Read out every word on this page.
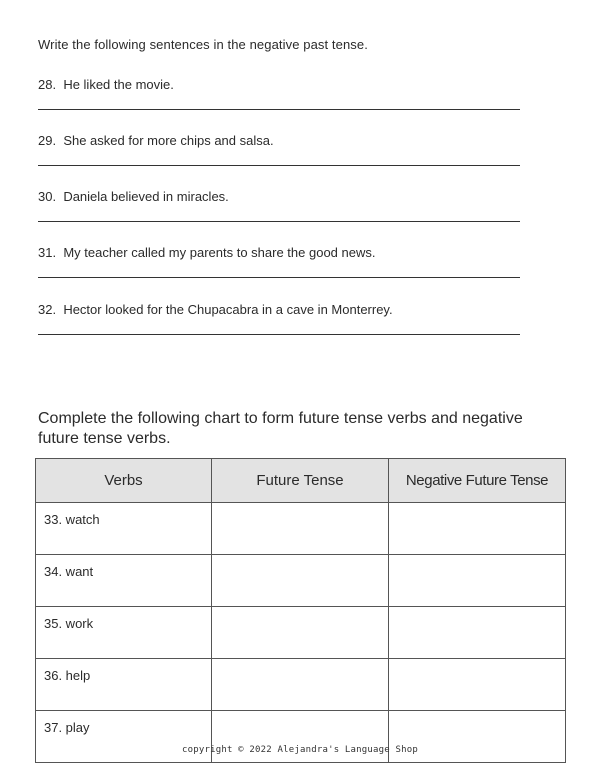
Write the following sentences in the negative past tense.
28. He liked the movie.
29. She asked for more chips and salsa.
30. Daniela believed in miracles.
31. My teacher called my parents to share the good news.
32. Hector looked for the Chupacabra in a cave in Monterrey.
Complete the following chart to form future tense verbs and negative future tense verbs.
Verbs	Future Tense	Negative Future Tense
33. watch		
34. want		
35. work		
36. help		
37. play		
copyright © 2022 Alejandra's Language Shop
